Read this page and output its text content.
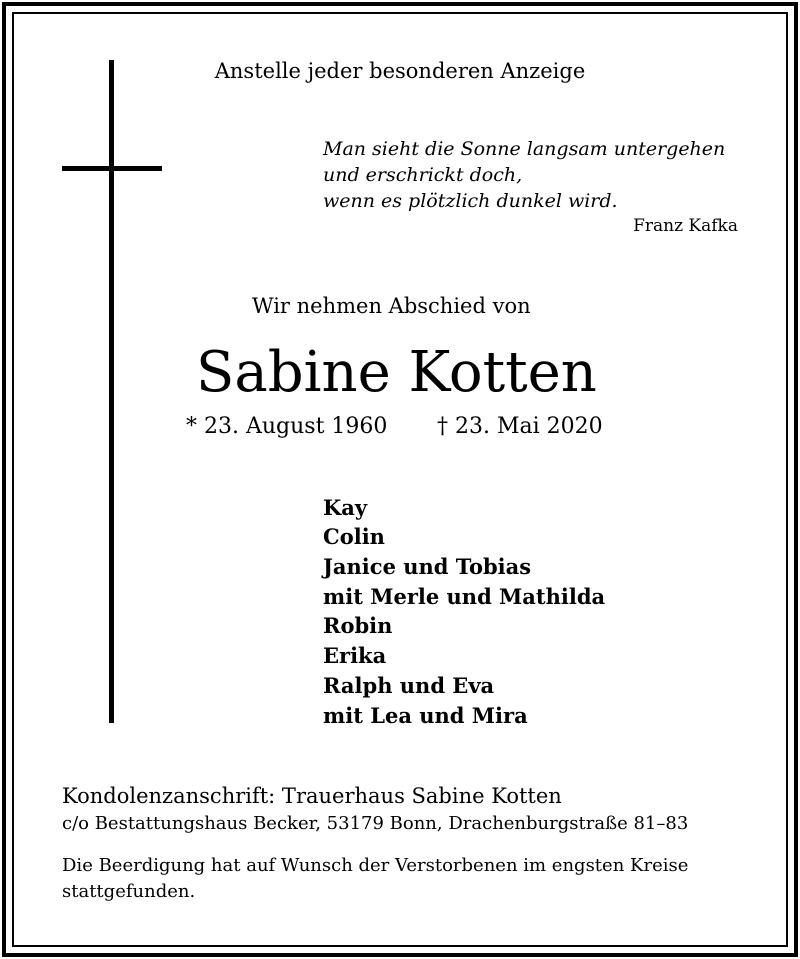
Anstelle jeder besonderen Anzeige
Man sieht die Sonne langsam untergehen
und erschrickt doch,
wenn es plötzlich dunkel wird.
Franz Kafka
Wir nehmen Abschied von
Sabine Kotten
* 23. August 1960 † 23. Mai 2020
Kay
Colin
Janice und Tobias
mit Merle und Mathilda
Robin
Erika
Ralph und Eva
mit Lea und Mira
Kondolenzanschrift: Trauerhaus Sabine Kotten
c/o Bestattungshaus Becker, 53179 Bonn, Drachenburgstraße 81–83
Die Beerdigung hat auf Wunsch der Verstorbenen im engsten Kreise
stattgefunden.
